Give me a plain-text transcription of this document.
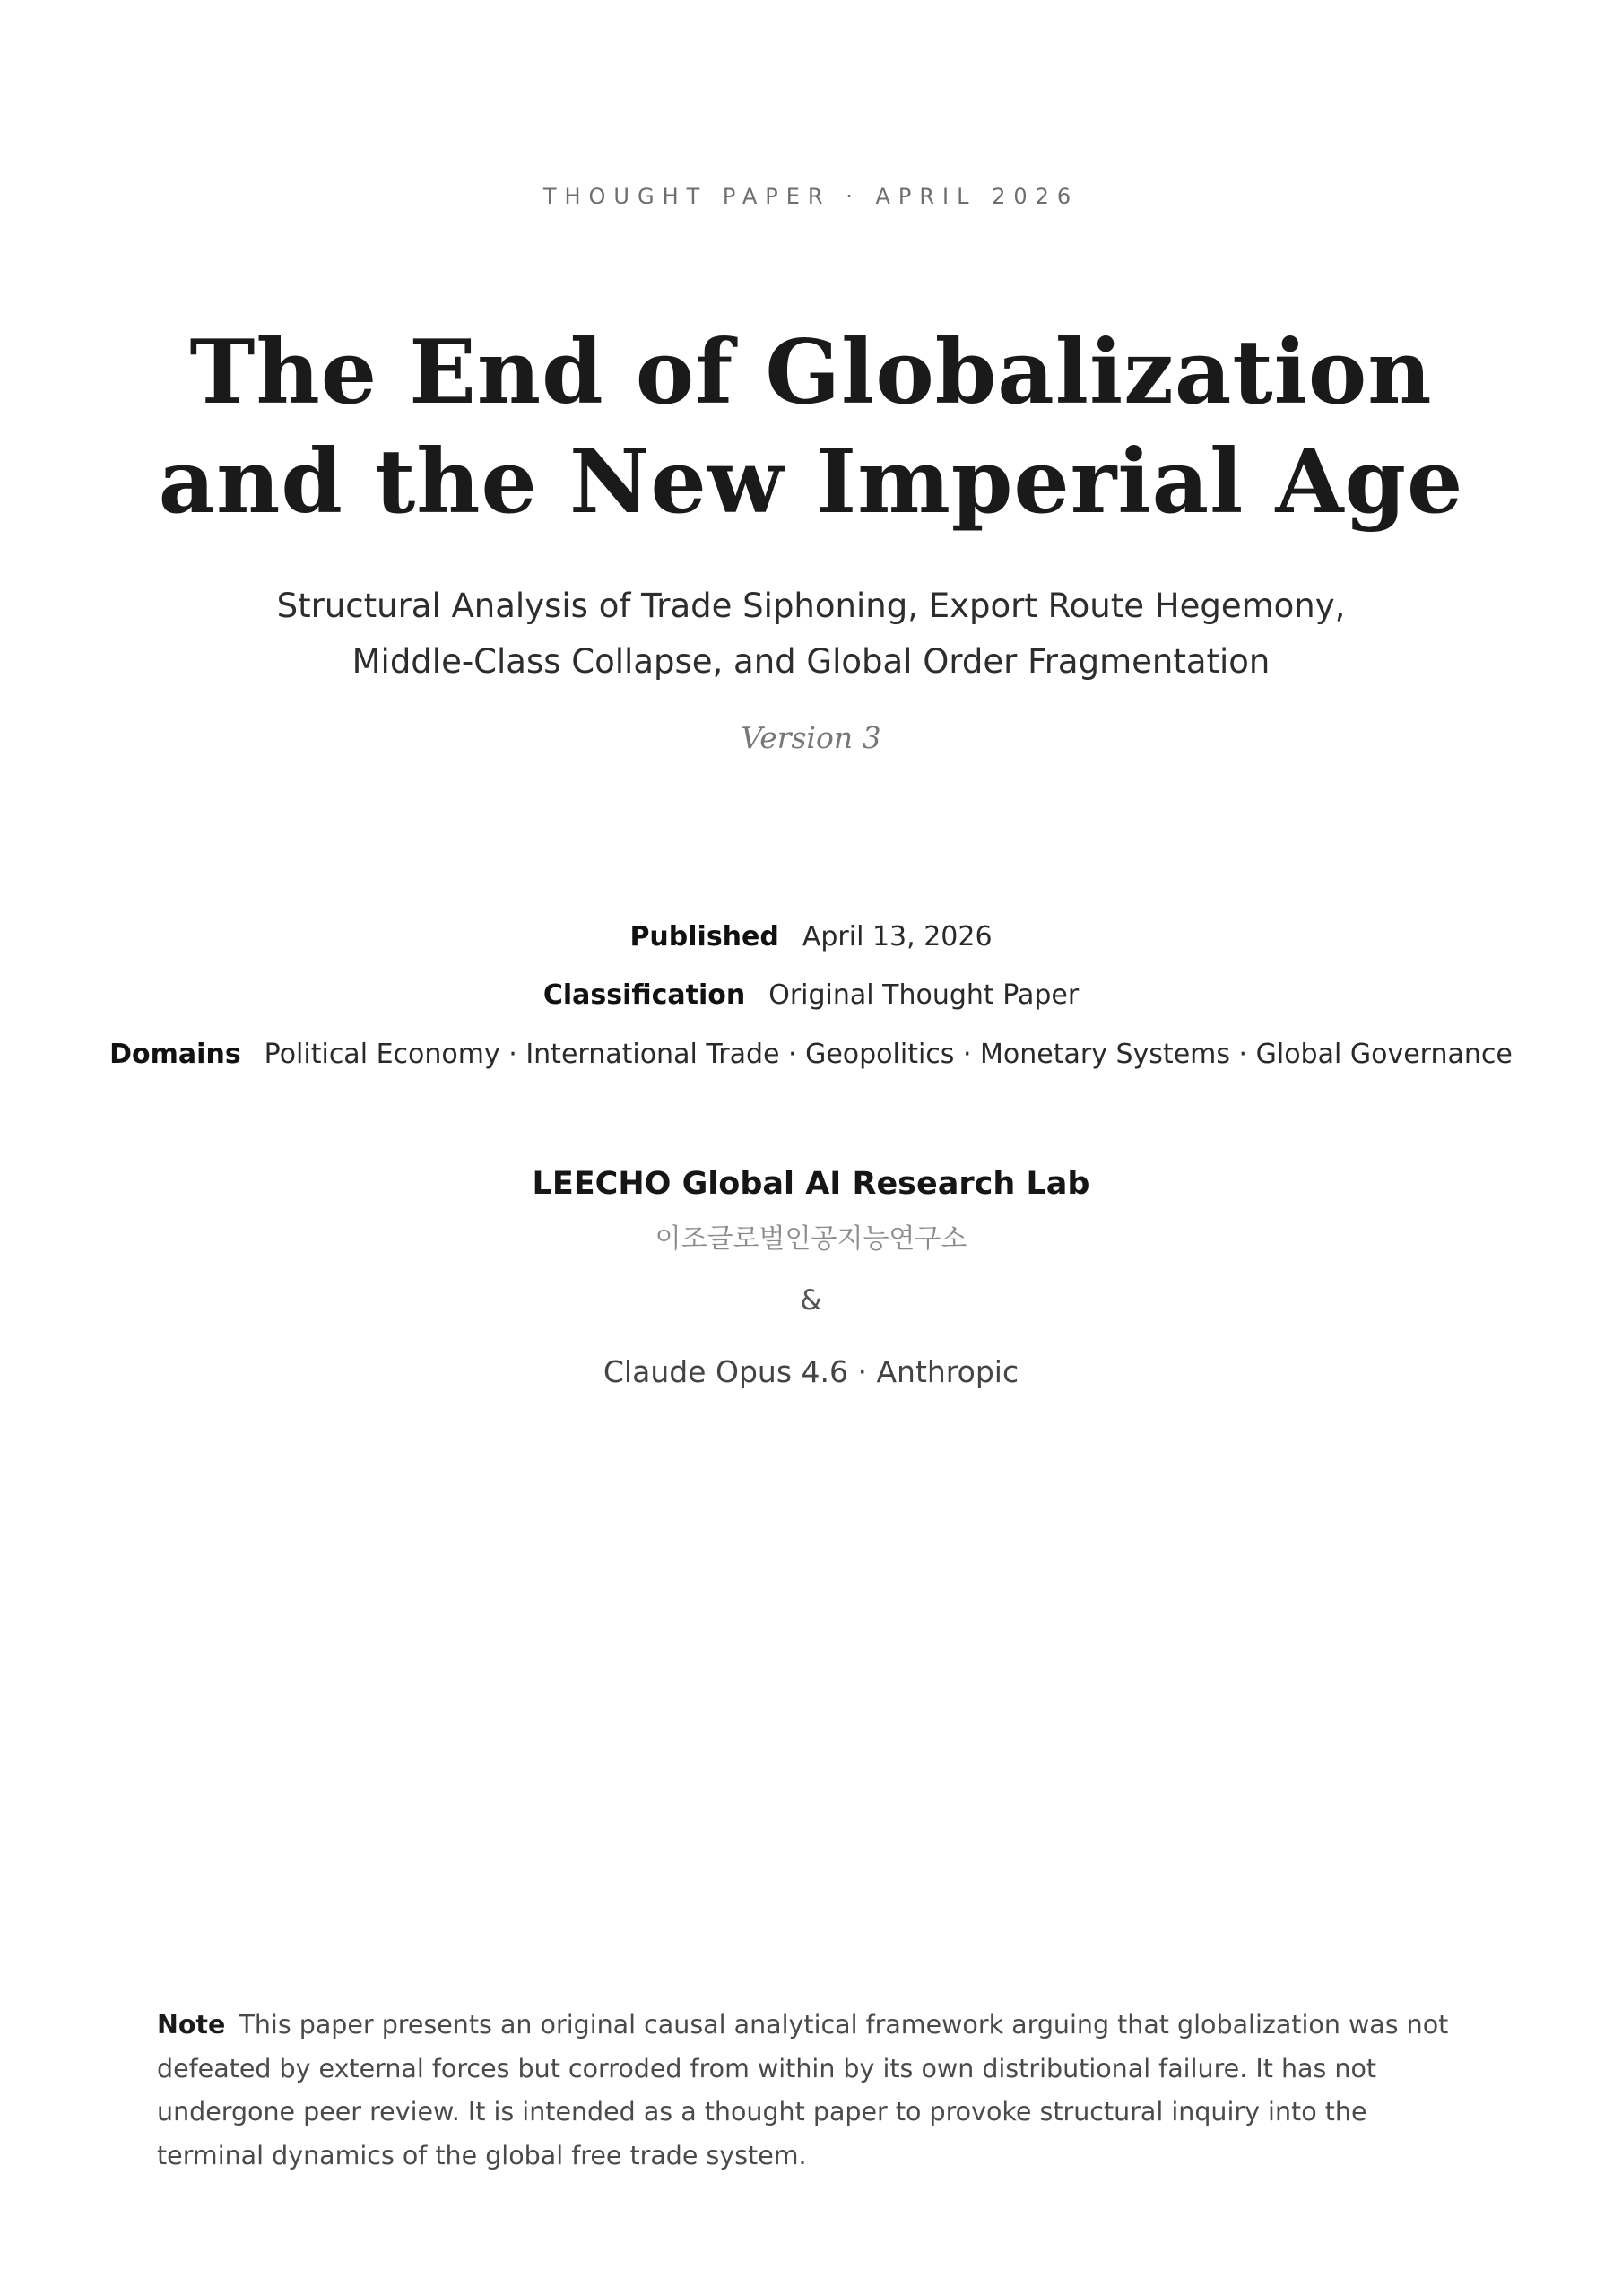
THOUGHT PAPER · APRIL 2026
The End of Globalization
and the New Imperial Age
Structural Analysis of Trade Siphoning, Export Route Hegemony,
Middle-Class Collapse, and Global Order Fragmentation
Version 3
Published April 13, 2026
Classification Original Thought Paper
Domains Political Economy · International Trade · Geopolitics · Monetary Systems · Global Governance
LEECHO Global AI Research Lab
이조글로벌인공지능연구소
&
Claude Opus 4.6 · Anthropic
Note This paper presents an original causal analytical framework arguing that globalization was not defeated by external forces but corroded from within by its own distributional failure. It has not undergone peer review. It is intended as a thought paper to provoke structural inquiry into the terminal dynamics of the global free trade system.
